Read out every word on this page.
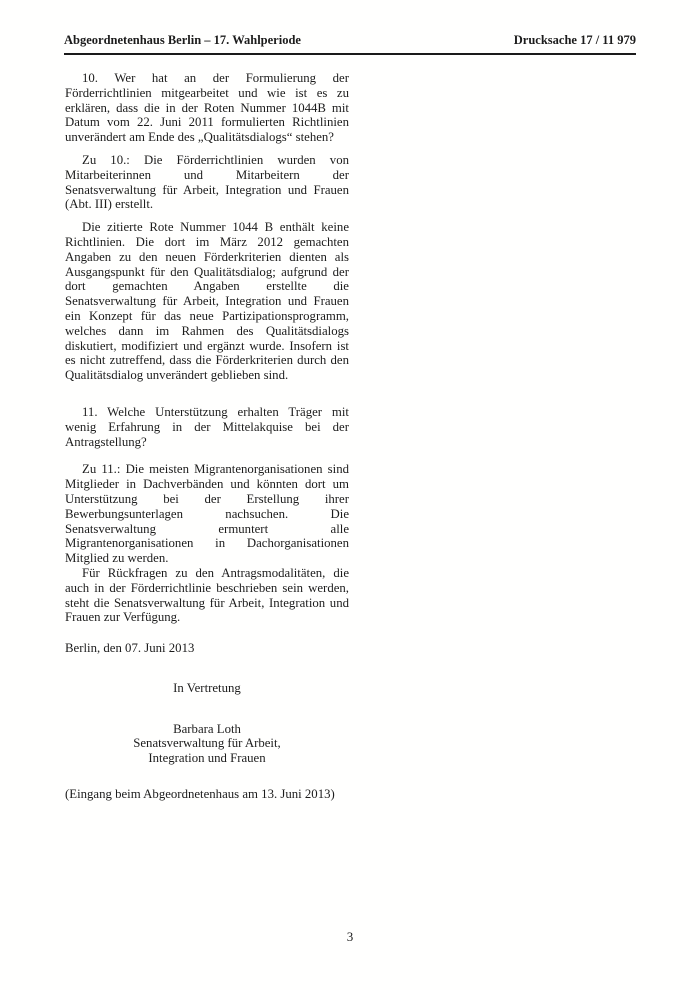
Abgeordnetenhaus Berlin – 17. Wahlperiode	Drucksache 17 / 11 979

10. Wer hat an der Formulierung der Förderrichtlinien mitgearbeitet und wie ist es zu erklären, dass die in der Roten Nummer 1044B mit Datum vom 22. Juni 2011 formulierten Richtlinien unverändert am Ende des „Qualitätsdialogs“ stehen?

Zu 10.: Die Förderrichtlinien wurden von Mitarbeiterinnen und Mitarbeitern der Senatsverwaltung für Arbeit, Integration und Frauen (Abt. III) erstellt.

Die zitierte Rote Nummer 1044 B enthält keine Richtlinien. Die dort im März 2012 gemachten Angaben zu den neuen Förderkriterien dienten als Ausgangspunkt für den Qualitätsdialog; aufgrund der dort gemachten Angaben erstellte die Senatsverwaltung für Arbeit, Integration und Frauen ein Konzept für das neue Partizipationsprogramm, welches dann im Rahmen des Qualitätsdialogs diskutiert, modifiziert und ergänzt wurde. Insofern ist es nicht zutreffend, dass die Förderkriterien durch den Qualitätsdialog unverändert geblieben sind.

11. Welche Unterstützung erhalten Träger mit wenig Erfahrung in der Mittelakquise bei der Antragstellung?

Zu 11.: Die meisten Migrantenorganisationen sind Mitglieder in Dachverbänden und könnten dort um Unterstützung bei der Erstellung ihrer Bewerbungsunterlagen nachsuchen. Die Senatsverwaltung ermuntert alle Migrantenorganisationen in Dachorganisationen Mitglied zu werden.

Für Rückfragen zu den Antragsmodalitäten, die auch in der Förderrichtlinie beschrieben sein werden, steht die Senatsverwaltung für Arbeit, Integration und Frauen zur Verfügung.

Berlin, den 07. Juni 2013

In Vertretung

Barbara Loth
Senatsverwaltung für Arbeit,
Integration und Frauen

(Eingang beim Abgeordnetenhaus am 13. Juni 2013)

3
